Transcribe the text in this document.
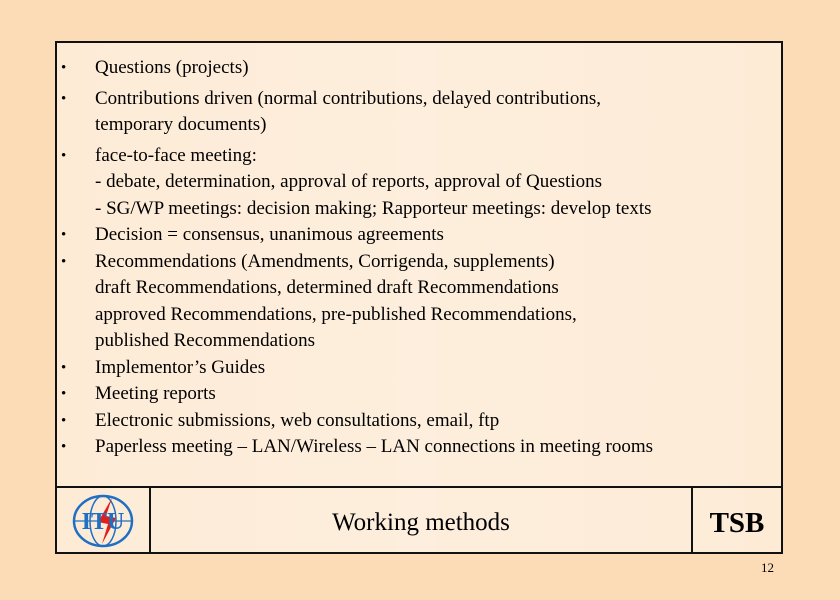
•	Questions (projects)
•	Contributions driven (normal contributions, delayed contributions,
temporary documents)
•	face-to-face meeting:
- debate, determination, approval of reports, approval of Questions
- SG/WP meetings: decision making; Rapporteur meetings: develop texts
•	Decision = consensus, unanimous agreements
•	Recommendations (Amendments, Corrigenda, supplements)
draft Recommendations, determined draft Recommendations
approved Recommendations, pre-published Recommendations,
published Recommendations
•	Implementor’s Guides
•	Meeting reports
•	Electronic submissions, web consultations, email, ftp
•	Paperless meeting – LAN/Wireless – LAN connections in meeting rooms
ITU	Working methods	TSB
12
